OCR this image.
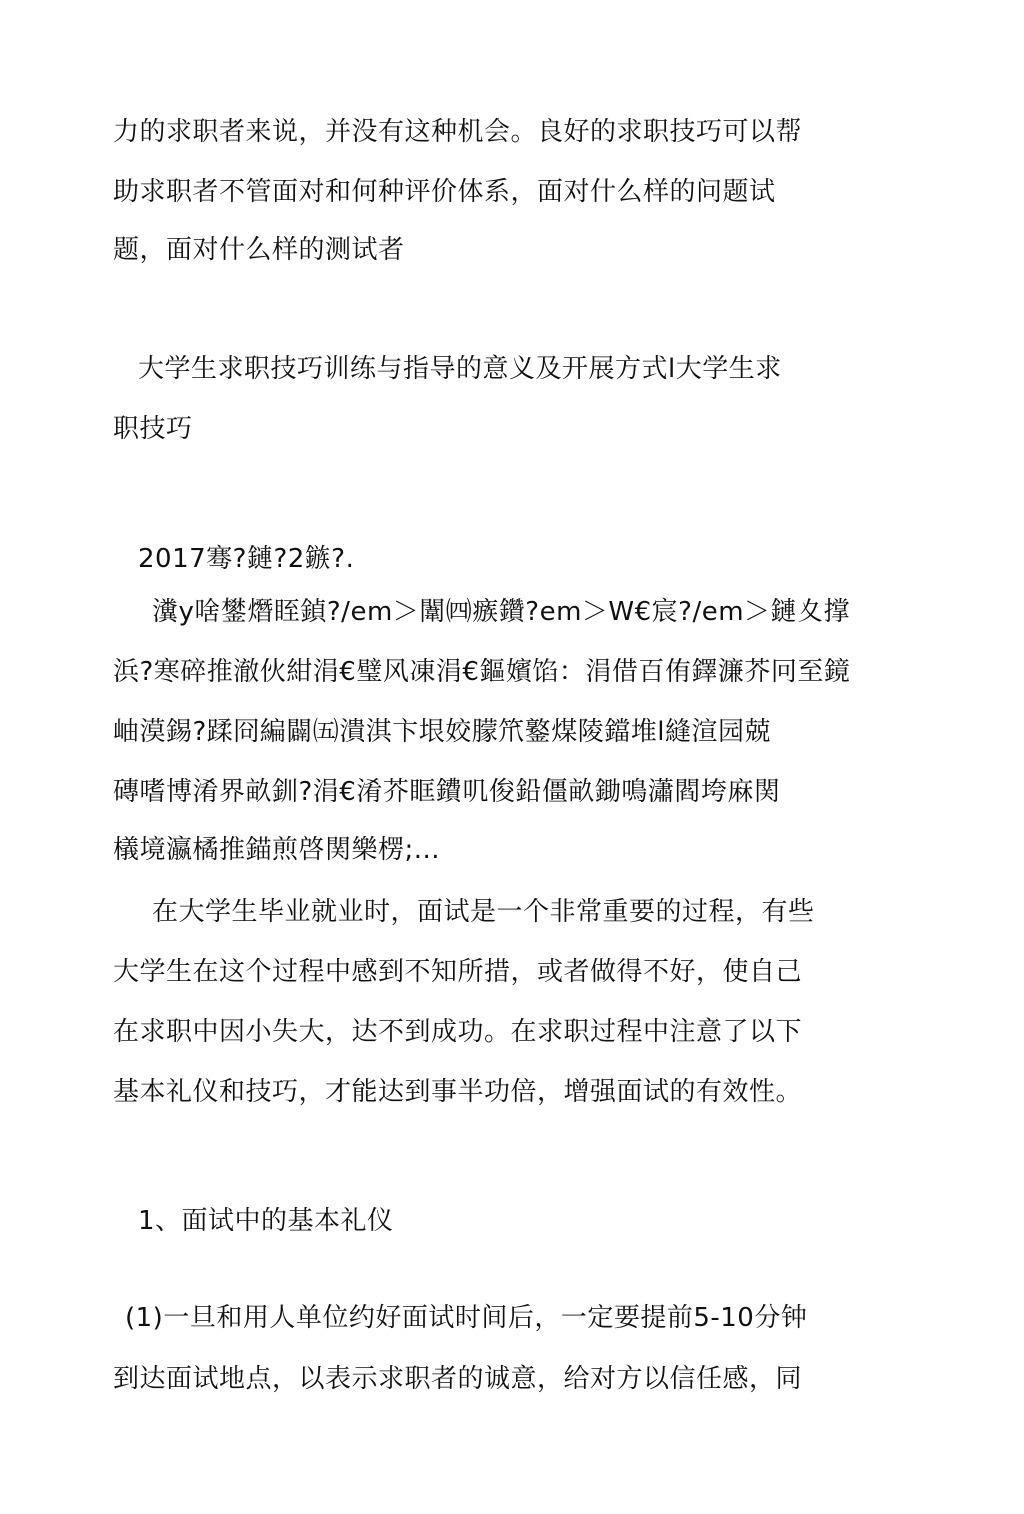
力的求职者来说，并没有这种机会。良好的求职技巧可以帮
助求职者不管面对和何种评价体系，面对什么样的问题试
题，面对什么样的测试者
大学生求职技巧训练与指导的意义及开展方式l大学生求
职技巧
2017骞?鏈?2鏃?.
瀵y啥鐢熸眰鍞?/em＞闈㈣瘯鑽?em＞W€宸?/em＞鏈夊撑
浜?寒碎推澈伙紺涓€璧风凍涓€鏂嬪馅：涓借百侑鐸濂芥冋至鏡
岫漠錫?蹂冏編闢㈤潰淇卞垠姣朦笊鐜煤陵鐺堆l縫渲园兢
磚嗜博淆界畝釧?涓€淆芥眶鐨叽俊鉛僵畝鋤鳴瀟閻垮麻関
檥境瀛橘推錨煎啓関樂楞;...
在大学生毕业就业时，面试是一个非常重要的过程，有些
大学生在这个过程中感到不知所措，或者做得不好，使自己
在求职中因小失大，达不到成功。在求职过程中注意了以下
基本礼仪和技巧，才能达到事半功倍，增强面试的有效性。
1、面试中的基本礼仪
(1)一旦和用人单位约好面试时间后，一定要提前5-10分钟
到达面试地点，以表示求职者的诚意，给对方以信任感，同
